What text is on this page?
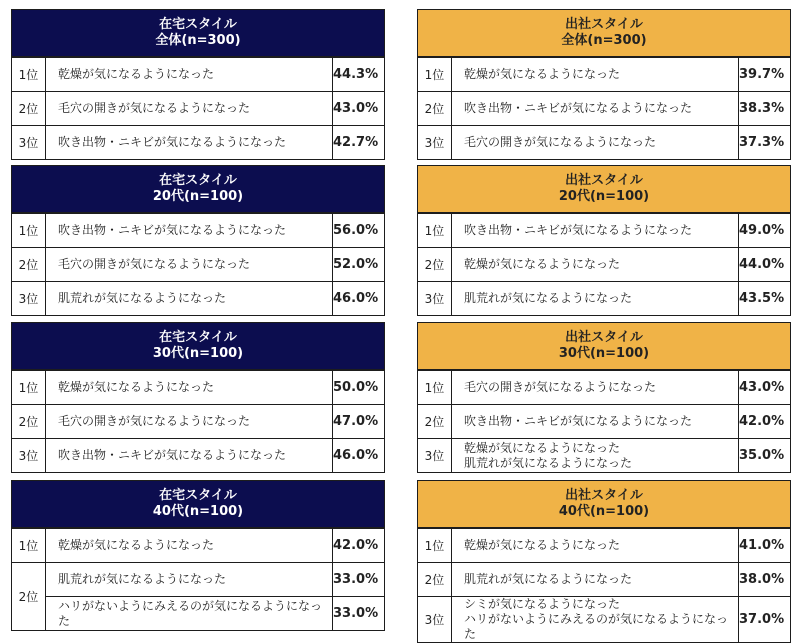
在宅スタイル
全体(n=300)
1位	乾燥が気になるようになった	44.3%
2位	毛穴の開きが気になるようになった	43.0%
3位	吹き出物・ニキビが気になるようになった	42.7%
在宅スタイル
20代(n=100)
1位	吹き出物・ニキビが気になるようになった	56.0%
2位	毛穴の開きが気になるようになった	52.0%
3位	肌荒れが気になるようになった	46.0%
在宅スタイル
30代(n=100)
1位	乾燥が気になるようになった	50.0%
2位	毛穴の開きが気になるようになった	47.0%
3位	吹き出物・ニキビが気になるようになった	46.0%
在宅スタイル
40代(n=100)
1位	乾燥が気になるようになった	42.0%
2位	肌荒れが気になるようになった	33.0%

	ハリがないようにみえるのが気になるようになった	33.0%
出社スタイル
全体(n=300)
1位	乾燥が気になるようになった	39.7%
2位	吹き出物・ニキビが気になるようになった	38.3%
3位	毛穴の開きが気になるようになった	37.3%
出社スタイル
20代(n=100)
1位	吹き出物・ニキビが気になるようになった	49.0%
2位	乾燥が気になるようになった	44.0%
3位	肌荒れが気になるようになった	43.5%
出社スタイル
30代(n=100)
1位	毛穴の開きが気になるようになった	43.0%
2位	吹き出物・ニキビが気になるようになった	42.0%
3位	乾燥が気になるようになった
肌荒れが気になるようになった	35.0%
出社スタイル
40代(n=100)
1位	乾燥が気になるようになった	41.0%
2位	肌荒れが気になるようになった	38.0%
3位	シミが気になるようになった
ハリがないようにみえるのが気になるようになった	37.0%
